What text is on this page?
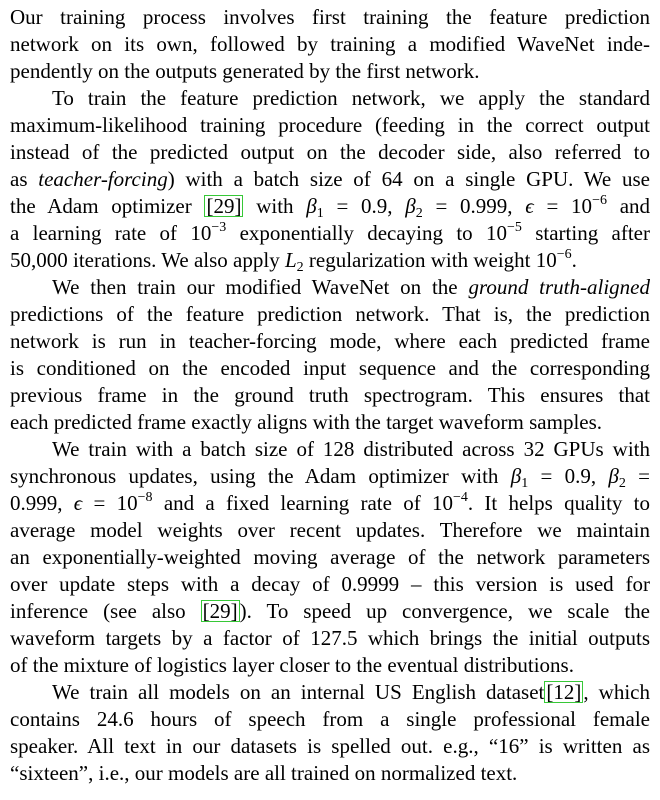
Our training process involves first training the feature prediction
network on its own, followed by training a modified WaveNet inde-
pendently on the outputs generated by the first network.
To train the feature prediction network, we apply the standard
maximum-likelihood training procedure (feeding in the correct output
instead of the predicted output on the decoder side, also referred to
as teacher-forcing) with a batch size of 64 on a single GPU. We use
the Adam optimizer [29] with $\beta_1 = 0.9$, $\beta_2 = 0.999$, $\epsilon = 10^{-6}$ and
a learning rate of $10^{-3}$ exponentially decaying to $10^{-5}$ starting after
50,000 iterations. We also apply $L_2$ regularization with weight $10^{-6}$.
We then train our modified WaveNet on the ground truth-aligned
predictions of the feature prediction network. That is, the prediction
network is run in teacher-forcing mode, where each predicted frame
is conditioned on the encoded input sequence and the corresponding
previous frame in the ground truth spectrogram. This ensures that
each predicted frame exactly aligns with the target waveform samples.
We train with a batch size of 128 distributed across 32 GPUs with
synchronous updates, using the Adam optimizer with $\beta_1 = 0.9$, $\beta_2$ =
0.999, $\epsilon = 10^{-8}$ and a fixed learning rate of $10^{-4}$. It helps quality to
average model weights over recent updates. Therefore we maintain
an exponentially-weighted moving average of the network parameters
over update steps with a decay of 0.9999 – this version is used for
inference (see also [29]). To speed up convergence, we scale the
waveform targets by a factor of 127.5 which brings the initial outputs
of the mixture of logistics layer closer to the eventual distributions.
We train all models on an internal US English dataset[12], which
contains 24.6 hours of speech from a single professional female
speaker. All text in our datasets is spelled out. e.g., “16” is written as
“sixteen”, i.e., our models are all trained on normalized text.
